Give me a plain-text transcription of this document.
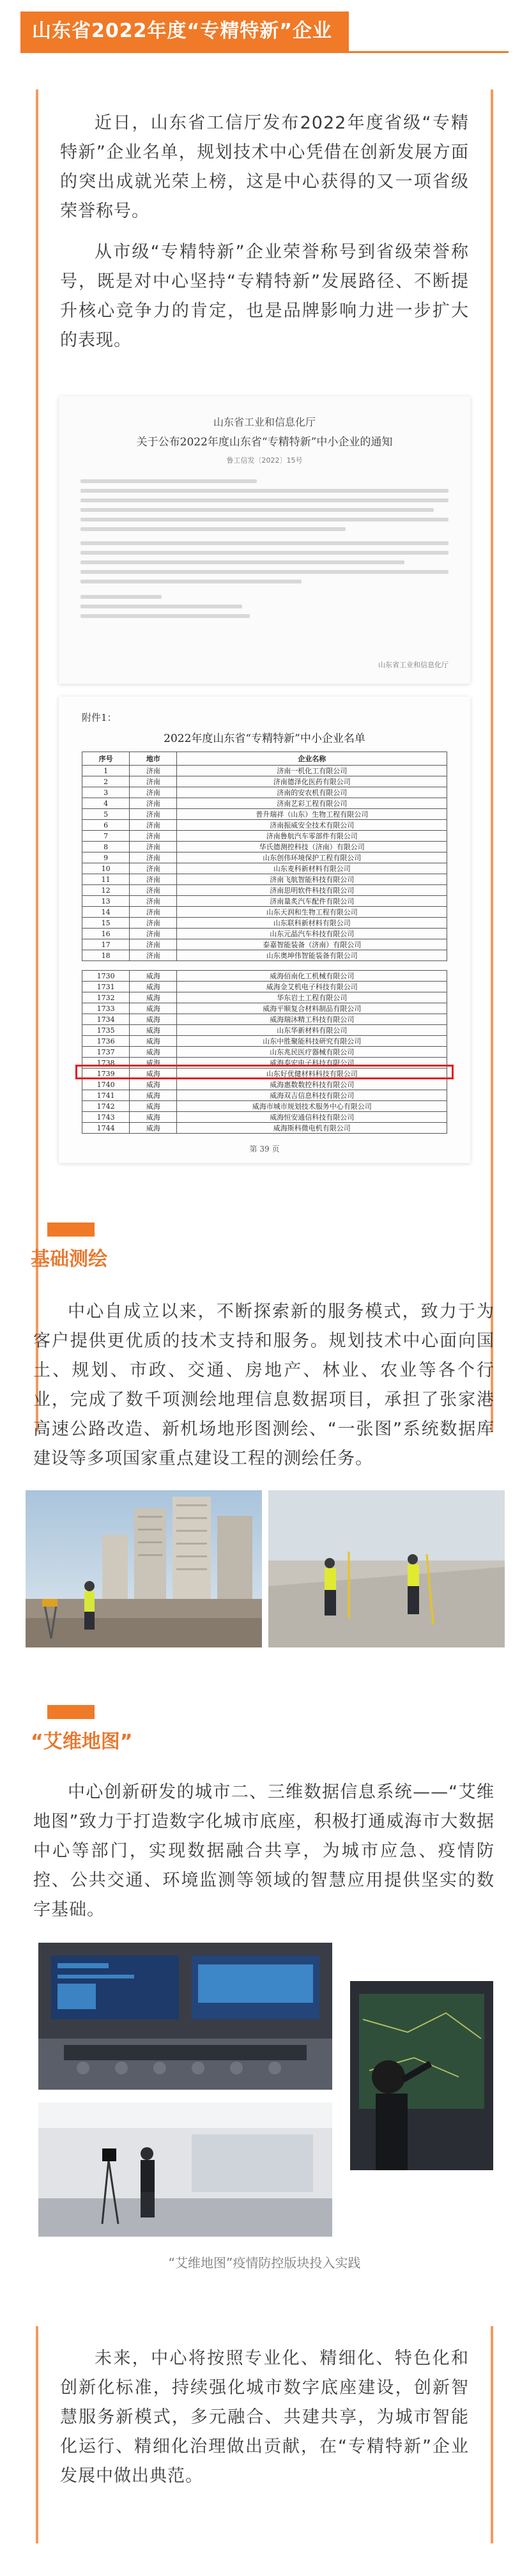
山东省2022年度“专精特新”企业
近日，山东省工信厅发布2022年度省级“专精特新”企业名单，规划技术中心凭借在创新发展方面的突出成就光荣上榜，这是中心获得的又一项省级荣誉称号。
从市级“专精特新”企业荣誉称号到省级荣誉称号，既是对中心坚持“专精特新”发展路径、不断提升核心竞争力的肯定，也是品牌影响力进一步扩大的表现。
山东省工业和信息化厅
关于公布2022年度山东省“专精特新”中小企业的通知
鲁工信发〔2022〕15号
山东省工业和信息化厅
附件1：
2022年度山东省“专精特新”中小企业名单
序号	地市	企业名称
1	济南	济南一机化工有限公司
2	济南	济南德泽化医药有限公司
3	济南	济南的安农机有限公司
4	济南	济南艺彩工程有限公司
5	济南	普升瑞祥（山东）生物工程有限公司
6	济南	济南振威安全技术有限公司
7	济南	济南鲁航汽车零部件有限公司
8	济南	华氏德测控科技（济南）有限公司
9	济南	山东创伟环境保护工程有限公司
10	济南	山东麦科新材料有限公司
11	济南	济南飞航智能科技有限公司
12	济南	济南思明软件科技有限公司
13	济南	济南量炙汽车配件有限公司
14	济南	山东天润和生物工程有限公司
15	济南	山东联科新材料有限公司
16	济南	山东元晶汽车科技有限公司
17	济南	泰嘉智能装备（济南）有限公司
18	济南	山东奥坤伟智能装备有限公司

1730	威海	威海佰南化工机械有限公司
1731	威海	威海金艾机电子科技有限公司
1732	威海	华东岩土工程有限公司
1733	威海	威海平顺复合材料制品有限公司
1734	威海	威海瑞沐精工科技有限公司
1735	威海	山东华新材料有限公司
1736	威海	山东中胜聚能科技研究有限公司
1737	威海	山东兆民医疗器械有限公司
1738	威海	威海泰宏电子科技有限公司
1739	威海	山东好优健材料科技有限公司
1740	威海	威海惠数数控科技有限公司
1741	威海	威海双吉信息科技有限公司
1742	威海	威海市城市规划技术服务中心有限公司
1743	威海	威海恒安通信科技有限公司
1744	威海	威海斯科微电机有限公司
第 39 页
基础测绘
中心自成立以来，不断探索新的服务模式，致力于为客户提供更优质的技术支持和服务。规划技术中心面向国土、规划、市政、交通、房地产、林业、农业等各个行业，完成了数千项测绘地理信息数据项目，承担了张家港高速公路改造、新机场地形图测绘、“一张图”系统数据库建设等多项国家重点建设工程的测绘任务。
“艾维地图”
中心创新研发的城市二、三维数据信息系统——“艾维地图”致力于打造数字化城市底座，积极打通威海市大数据中心等部门，实现数据融合共享，为城市应急、疫情防控、公共交通、环境监测等领域的智慧应用提供坚实的数字基础。
“艾维地图”疫情防控版块投入实践
未来，中心将按照专业化、精细化、特色化和创新化标准，持续强化城市数字底座建设，创新智慧服务新模式，多元融合、共建共享，为城市智能化运行、精细化治理做出贡献，在“专精特新”企业发展中做出典范。
